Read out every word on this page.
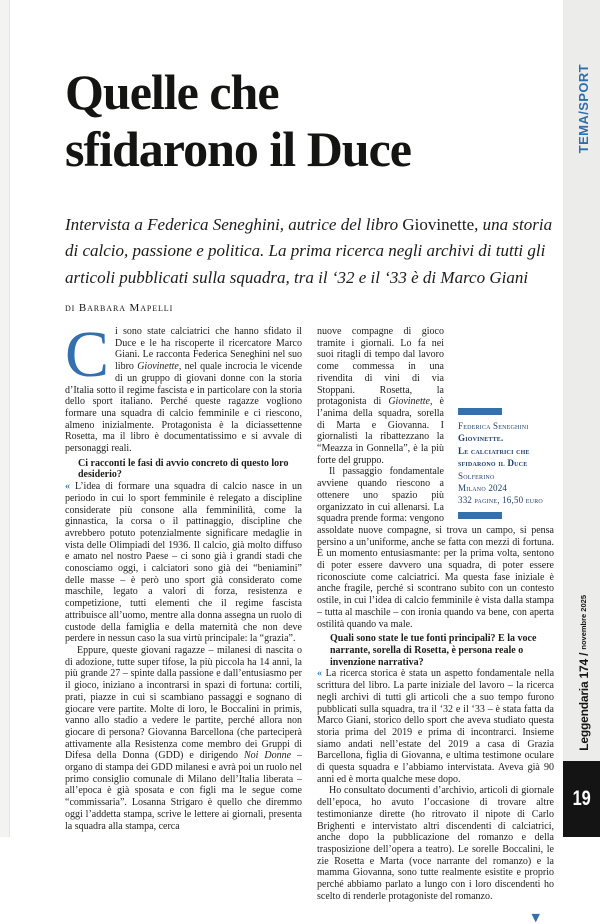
TEMA/SPORT
Leggendaria 174 / novembre 2025
19
Quelle che
sfidarono il Duce
Intervista a Federica Seneghini, autrice del libro Giovinette, una storia di calcio, passione e politica. La prima ricerca negli archivi di tutti gli articoli pubblicati sulla squadra, tra il ‘32 e il ‘33 è di Marco Giani
di Barbara Mapelli

Ci sono state calciatrici che hanno sfidato il Duce e le ha riscoperte il ricercatore Marco Giani. Le racconta Federica Seneghini nel suo libro Giovinette, nel quale incrocia le vicende di un gruppo di giovani donne con la storia d’Italia sotto il regime fascista e in particolare con la storia dello sport italiano. Perché queste ragazze vogliono formare una squadra di calcio femminile e ci riescono, almeno inizialmente. Protagonista è la diciassettenne Rosetta, ma il libro è documentatissimo e si avvale di personaggi reali.

Ci racconti le fasi di avvio concreto di questo loro desiderio?

« L’idea di formare una squadra di calcio nasce in un periodo in cui lo sport femminile è relegato a discipline considerate più consone alla femminilità, come la ginnastica, la corsa o il pattinaggio, discipline che avrebbero potuto potenzialmente significare medaglie in vista delle Olimpiadi del 1936. Il calcio, già molto diffuso e amato nel nostro Paese – ci sono già i grandi stadi che conosciamo oggi, i calciatori sono già dei “beniamini” delle masse – è però uno sport già considerato come maschile, legato a valori di forza, resistenza e competizione, tutti elementi che il regime fascista attribuisce all’uomo, mentre alla donna assegna un ruolo di custode della famiglia e della maternità che non deve perdere in nessun caso la sua virtù principale: la “grazia”.

Eppure, queste giovani ragazze – milanesi di nascita o di adozione, tutte super tifose, la più piccola ha 14 anni, la più grande 27 – spinte dalla passione e dall’entusiasmo per il gioco, iniziano a incontrarsi in spazi di fortuna: cortili, prati, piazze in cui si scambiano passaggi e sognano di giocare vere partite. Molte di loro, le Boccalini in primis, vanno allo stadio a vedere le partite, perché allora non giocare di persona? Giovanna Barcellona (che parteciperà attivamente alla Resistenza come membro dei Gruppi di Difesa della Donna (GDD) e dirigendo Noi Donne – organo di stampa dei GDD milanesi e avrà poi un ruolo nel primo consiglio comunale di Milano dell’Italia liberata – all’epoca è già sposata e con figli ma le segue come “commissaria”. Losanna Strigaro è quello che diremmo oggi l’addetta stampa, scrive le lettere ai giornali, presenta la squadra alla stampa, cerca

Federica Seneghini
Giovinette.
Le calciatrici che
sfidarono il Duce
Solferino
Milano 2024
332 pagine, 16,50 euro

nuove compagne di gioco tramite i giornali. Lo fa nei suoi ritagli di tempo dal lavoro come commessa in una rivendita di vini di via Stoppani. Rosetta, la protagonista di Giovinette, è l’anima della squadra, sorella di Marta e Giovanna. I giornalisti la ribattezzano la “Meazza in Gonnella”, è la più forte del gruppo.

Il passaggio fondamentale avviene quando riescono a ottenere uno spazio più organizzato in cui allenarsi. La squadra prende forma: vengono assoldate nuove compagne, si trova un campo, si pensa persino a un’uniforme, anche se fatta con mezzi di fortuna. È un momento entusiasmante: per la prima volta, sentono di poter essere davvero una squadra, di poter essere riconosciute come calciatrici. Ma questa fase iniziale è anche fragile, perché si scontrano subito con un contesto ostile, in cui l’idea di calcio femminile è vista dalla stampa – tutta al maschile – con ironia quando va bene, con aperta ostilità quando va male.

Quali sono state le tue fonti principali? E la voce narrante, sorella di Rosetta, è persona reale o invenzione narrativa?

« La ricerca storica è stata un aspetto fondamentale nella scrittura del libro. La parte iniziale del lavoro – la ricerca negli archivi di tutti gli articoli che a suo tempo furono pubblicati sulla squadra, tra il ‘32 e il ‘33 – è stata fatta da Marco Giani, storico dello sport che aveva studiato questa storia prima del 2019 e prima di incontrarci. Insieme siamo andati nell’estate del 2019 a casa di Grazia Barcellona, figlia di Giovanna, e ultima testimone oculare di questa squadra e l’abbiamo intervistata. Aveva già 90 anni ed è morta qualche mese dopo.

Ho consultato documenti d’archivio, articoli di giornale dell’epoca, ho avuto l’occasione di trovare altre testimonianze dirette (ho ritrovato il nipote di Carlo Brighenti e intervistato altri discendenti di calciatrici, anche dopo la pubblicazione del romanzo e della trasposizione dell’opera a teatro). Le sorelle Boccalini, le zie Rosetta e Marta (voce narrante del romanzo) e la mamma Giovanna, sono tutte realmente esistite e proprio perché abbiamo parlato a lungo con i loro discendenti ho scelto di renderle protagoniste del romanzo.

▼
